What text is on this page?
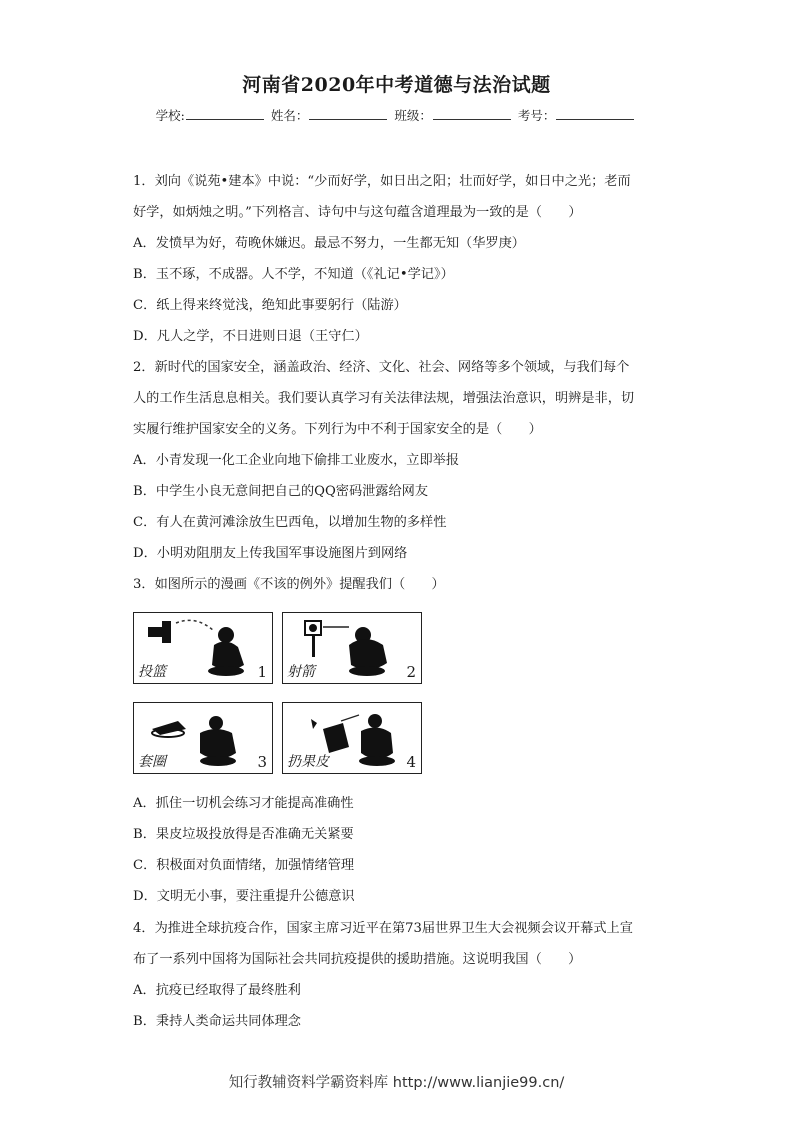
河南省2020年中考道德与法治试题
学校:	姓名：	班级：	考号：
1．刘向《说苑•建本》中说：“少而好学，如日出之阳；壮而好学，如日中之光；老而
好学，如炳烛之明。”下列格言、诗句中与这句蕴含道理最为一致的是（　　）
A．发愤早为好，苟晚休嫌迟。最忌不努力，一生都无知（华罗庚）
B．玉不琢，不成器。人不学，不知道（《礼记•学记》）
C．纸上得来终觉浅，绝知此事要躬行（陆游）
D．凡人之学，不日进则日退（王守仁）
2．新时代的国家安全，涵盖政治、经济、文化、社会、网络等多个领域，与我们每个
人的工作生活息息相关。我们要认真学习有关法律法规，增强法治意识，明辨是非，切
实履行维护国家安全的义务。下列行为中不利于国家安全的是（　　）
A．小青发现一化工企业向地下偷排工业废水，立即举报
B．中学生小良无意间把自己的QQ密码泄露给网友
C．有人在黄河滩涂放生巴西龟，以增加生物的多样性
D．小明劝阻朋友上传我国军事设施图片到网络
3．如图所示的漫画《不该的例外》提醒我们（　　）
投篮	1 射箭	2
套圈	3 扔果皮	4
A．抓住一切机会练习才能提高准确性
B．果皮垃圾投放得是否准确无关紧要
C．积极面对负面情绪，加强情绪管理
D．文明无小事，要注重提升公德意识
4．为推进全球抗疫合作，国家主席习近平在第73届世界卫生大会视频会议开幕式上宣
布了一系列中国将为国际社会共同抗疫提供的援助措施。这说明我国（　　）
A．抗疫已经取得了最终胜利
B．秉持人类命运共同体理念
知行教辅资料学霸资料库 http://www.lianjie99.cn/
